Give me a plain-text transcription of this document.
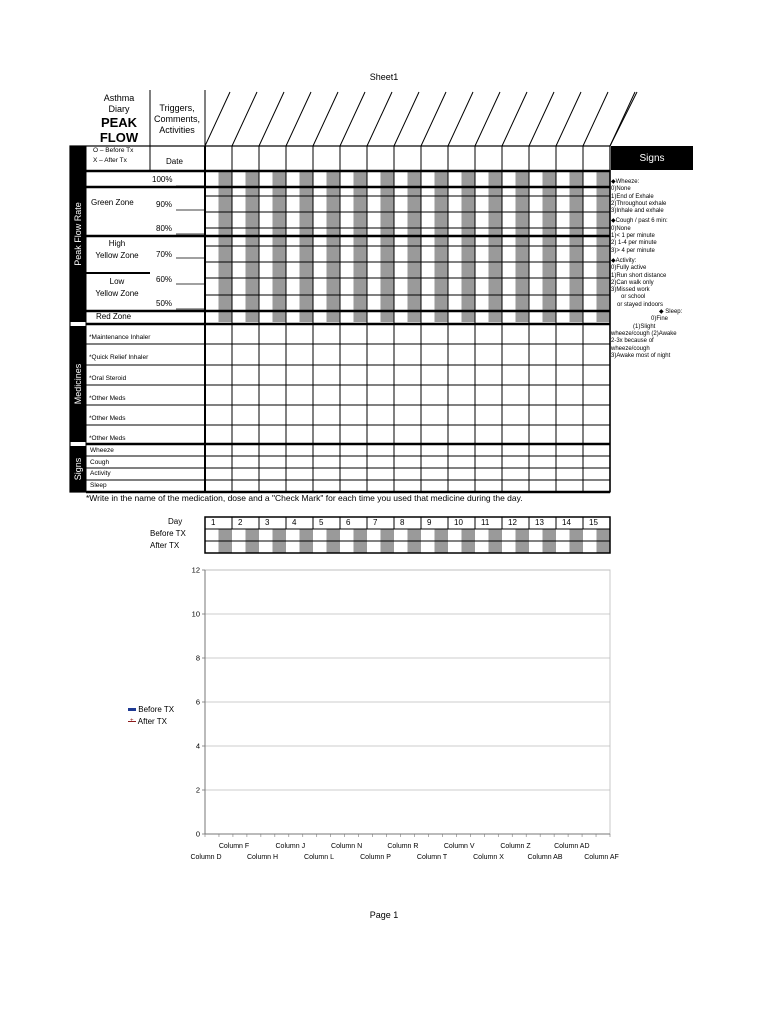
Sheet1
Page 1
Asthma
Diary
PEAK
FLOW
Triggers,
Comments,
Activities
Peak Flow Rate
Medicines
Signs
O – Before Tx
X – After Tx	Date
Green Zone
High
Yellow Zone
Low
Yellow Zone
Red Zone
100%
90%
80%
70%
60%
50%
*Maintenance Inhaler
*Quick Relief Inhaler
*Oral Steroid
*Other Meds
*Other Meds
*Other Meds
Wheeze
Cough
Activity
Sleep
Signs
◆Wheeze:
0)None
1)End of Exhale
2)Throughout exhale
3)Inhale and exhale
◆Cough / past 6 min:
0)None
1)< 1 per minute
2) 1-4 per minute
3)> 4 per minute
◆Activity:
0)Fully active
1)Run short distance
2)Can walk only
3)Missed work
or school
or stayed indoors
◆ Sleep:
0)Fine
(1)Slight
wheeze/cough (2)Awake
2-3x because of
wheeze/cough
3)Awake most of night
*Write in the name of the medication, dose and a "Check Mark" for each time you used that medicine during the day.
Day
Before TX
After TX
1	2	3	4	5	6	7	8	9	10 11 12 13 14 15
0
2
4
6
8
10
12
Column F	Column J	Column N	Column R	Column V	Column Z	Column AD
Column D	Column H	Column L	Column P	Column T	Column X	Column AB	Column AF
Before TX
+ After TX
